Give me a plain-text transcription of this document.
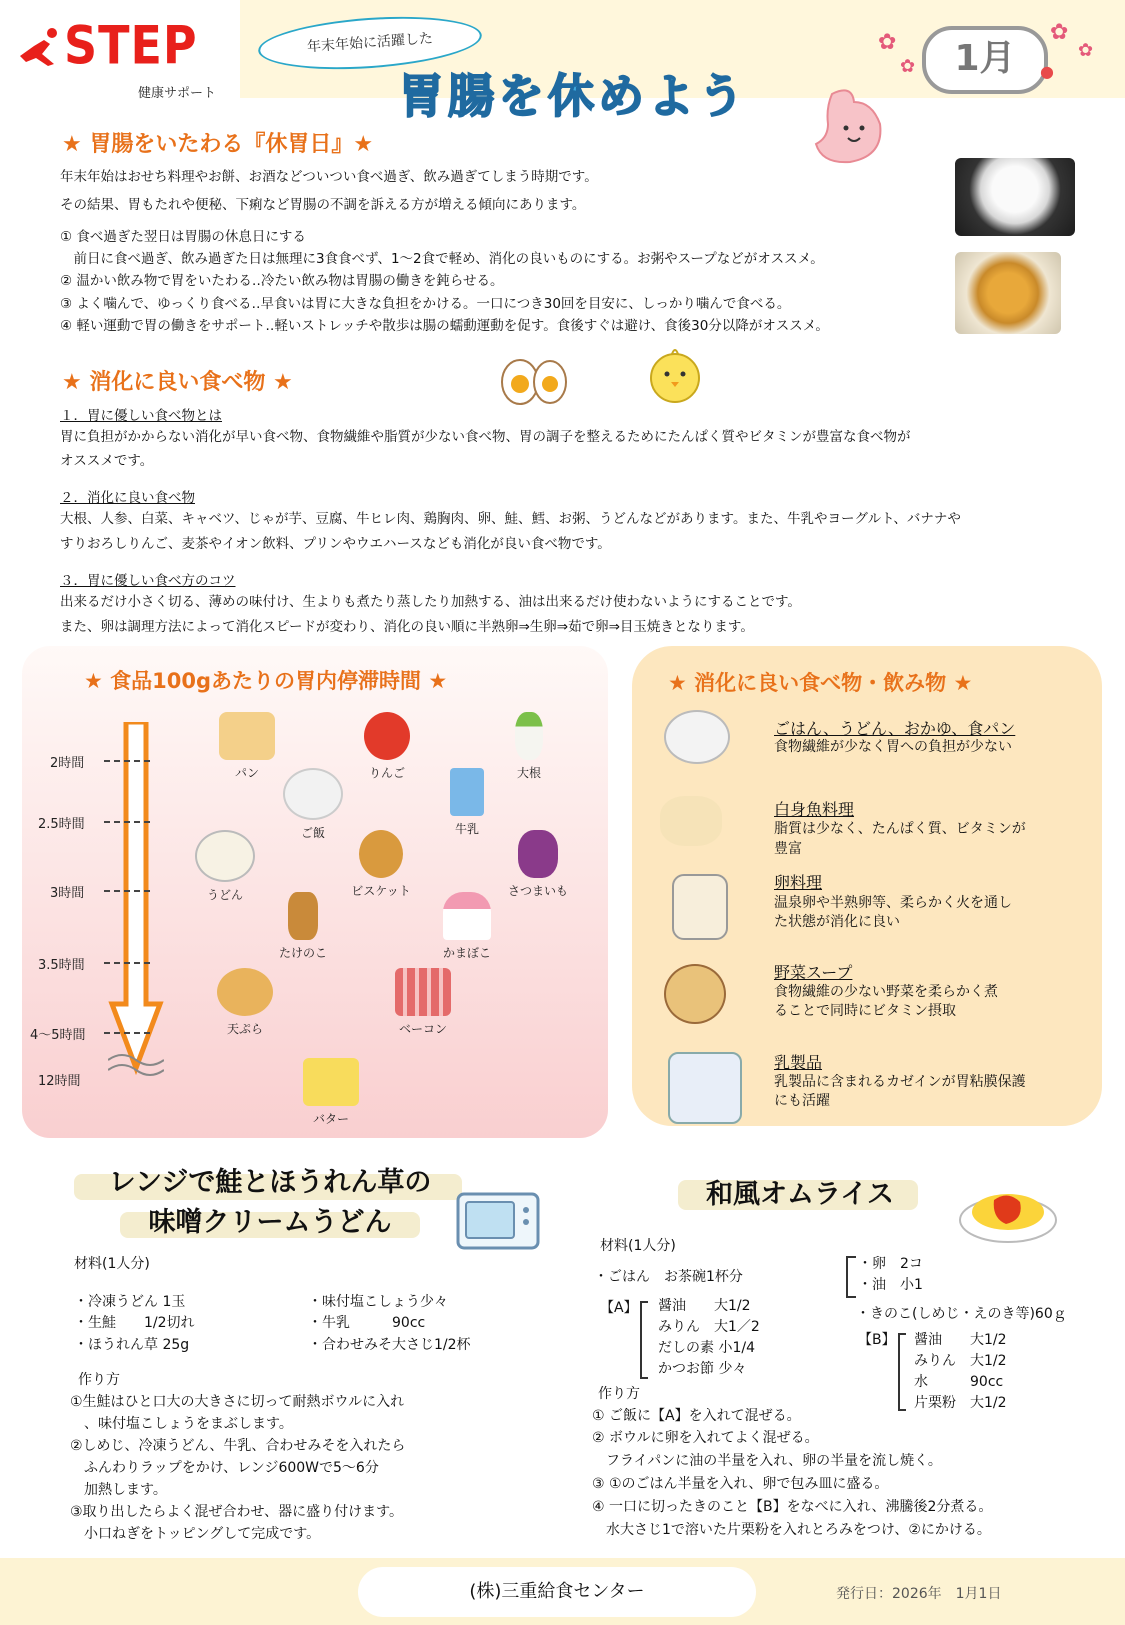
STEP
健康サポート
年末年始に活躍した
胃腸を休めよう
1月
✿
✿
✿
✿
●
★ 胃腸をいたわる『休胃日』★
年末年始はおせち料理やお餅、お酒などついつい食べ過ぎ、飲み過ぎてしまう時期です。
その結果、胃もたれや便秘、下痢など胃腸の不調を訴える方が増える傾向にあります。
① 食べ過ぎた翌日は胃腸の休息日にする
　前日に食べ過ぎ、飲み過ぎた日は無理に3食食べず、1～2食で軽め、消化の良いものにする。お粥やスープなどがオススメ。
② 温かい飲み物で胃をいたわる‥冷たい飲み物は胃腸の働きを鈍らせる。
③ よく噛んで、ゆっくり食べる‥早食いは胃に大きな負担をかける。一口につき30回を目安に、しっかり噛んで食べる。
④ 軽い運動で胃の働きをサポート‥軽いストレッチや散歩は腸の蠕動運動を促す。食後すぐは避け、食後30分以降がオススメ。
★ 消化に良い食べ物 ★
１．胃に優しい食べ物とは
胃に負担がかからない消化が早い食べ物、食物繊維や脂質が少ない食べ物、胃の調子を整えるためにたんぱく質やビタミンが豊富な食べ物が
オススメです。
２．消化に良い食べ物
大根、人参、白菜、キャベツ、じゃが芋、豆腐、牛ヒレ肉、鶏胸肉、卵、鮭、鱈、お粥、うどんなどがあります。また、牛乳やヨーグルト、バナナや
すりおろしりんご、麦茶やイオン飲料、プリンやウエハースなども消化が良い食べ物です。
３．胃に優しい食べ方のコツ
出来るだけ小さく切る、薄めの味付け、生よりも煮たり蒸したり加熱する、油は出来るだけ使わないようにすることです。
また、卵は調理方法によって消化スピードが変わり、消化の良い順に半熟卵⇒生卵⇒茹で卵⇒目玉焼きとなります。
★ 食品100gあたりの胃内停滞時間 ★
2時間
2.5時間
3時間
3.5時間
4～5時間
12時間
パン	りんご	大根
ご飯	牛乳
うどん	ビスケット	さつまいも
たけのこ	かまぼこ
天ぷら	ベーコン
バター
★ 消化に良い食べ物・飲み物 ★
ごはん、うどん、おかゆ、食パン
食物繊維が少なく胃への負担が少ない
白身魚料理
脂質は少なく、たんぱく質、ビタミンが
豊富
卵料理
温泉卵や半熟卵等、柔らかく火を通し
た状態が消化に良い
野菜スープ
食物繊維の少ない野菜を柔らかく煮
ることで同時にビタミン摂取
乳製品
乳製品に含まれるカゼインが胃粘膜保護
にも活躍
レンジで鮭とほうれん草の
味噌クリームうどん
材料(1人分)
・冷凍うどん 1玉
・生鮭　　1/2切れ
・ほうれん草 25g
・味付塩こしょう少々
・牛乳　　　90cc
・合わせみそ大さじ1/2杯
作り方
①生鮭はひと口大の大きさに切って耐熱ボウルに入れ
　、味付塩こしょうをまぶします。
②しめじ、冷凍うどん、牛乳、合わせみそを入れたら
　ふんわりラップをかけ、レンジ600Wで5～6分
　加熱します。
③取り出したらよく混ぜ合わせ、器に盛り付けます。
　小口ねぎをトッピングして完成です。
和風オムライス
材料(1人分)
・ごはん　お茶碗1杯分
・卵　2コ
・油　小1
・きのこ(しめじ・えのき等)60ｇ
【A】 醤油　　大1/2
みりん　大1／2
だしの素 小1/4
かつお節 少々
【B】 醤油　　大1/2
みりん　大1/2
水　　　90cc
片栗粉　大1/2
作り方
① ご飯に【A】を入れて混ぜる。
② ボウルに卵を入れてよく混ぜる。
　フライパンに油の半量を入れ、卵の半量を流し焼く。
③ ①のごはん半量を入れ、卵で包み皿に盛る。
④ 一口に切ったきのこと【B】をなべに入れ、沸騰後2分煮る。
　水大さじ1で溶いた片栗粉を入れとろみをつけ、②にかける。
(株)三重給食センター	発行日：2026年　1月1日
